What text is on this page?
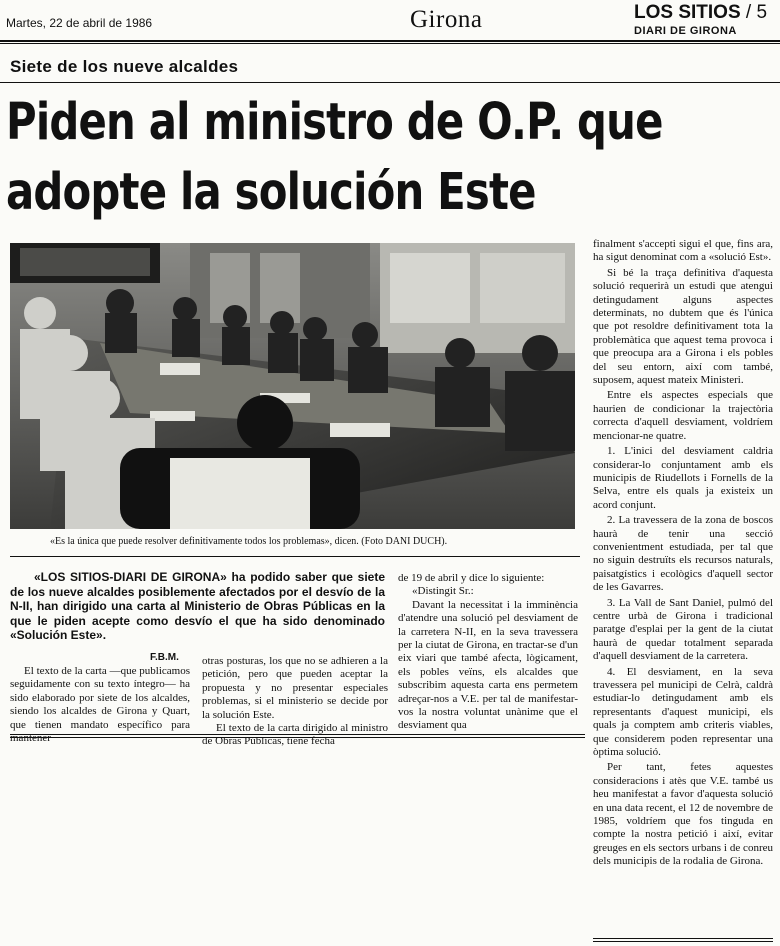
Martes, 22 de abril de 1986	Girona	LOS SITIOS / 5
DIARI DE GIRONA
Siete de los nueve alcaldes
Piden al ministro de O.P. que
adopte la solución Este
«Es la única que puede resolver definitivamente todos los problemas», dicen. (Foto DANI DUCH).

«LOS SITIOS-DIARI DE GIRONA» ha podido saber que siete de los nueve alcaldes posiblemente afectados por el desvío de la N-II, han dirigido una carta al Ministerio de Obras Públicas en la que le piden acepte como desvío el que ha sido denominado «Solución Este».

F.B.M.

El texto de la carta —que publicamos seguidamente con su texto íntegro— ha sido elaborado por siete de los alcaldes, siendo los alcaldes de Girona y Quart, que tienen mandato específico para mantener

otras posturas, los que no se adhieren a la petición, pero que pueden aceptar la propuesta y no presentar especiales problemas, si el ministerio se decide por la solución Este.

El texto de la carta dirigido al ministro de Obras Públicas, tiene fecha

de 19 de abril y dice lo siguiente:

«Distingit Sr.:

Davant la necessitat i la imminència d'atendre una solució pel desviament de la carretera N-II, en la seva travessera per la ciutat de Girona, en tractar-se d'un eix viari que també afecta, lògicament, els pobles veïns, els alcaldes que subscribim aquesta carta ens permetem adreçar-nos a V.E. per tal de manifestar-vos la nostra voluntat unànime que el desviament qua

finalment s'accepti sigui el que, fins ara, ha sigut denominat com a «solució Est».

Si bé la traça definitiva d'aquesta solució requerirà un estudi que atengui detingudament alguns aspectes determinats, no dubtem que és l'única que pot resoldre definitivament tota la problemàtica que aquest tema provoca i que preocupa ara a Girona i els pobles del seu entorn, així com també, suposem, aquest mateix Ministeri.

Entre els aspectes especials que haurien de condicionar la trajectòria correcta d'aquell desviament, voldríem mencionar-ne quatre.

1. L'inici del desviament caldria considerar-lo conjuntament amb els municipis de Riudellots i Fornells de la Selva, entre els quals ja existeix un acord conjunt.

2. La travessera de la zona de boscos haurà de tenir una secció convenientment estudiada, per tal que no siguin destruïts els recursos naturals, paisatgístics i ecològics d'aquell sector de les Gavarres.

3. La Vall de Sant Daniel, pulmó del centre urbà de Girona i tradicional paratge d'esplai per la gent de la ciutat haurà de quedar totalment separada d'aquell desviament de la carretera.

4. El desviament, en la seva travessera pel municipi de Celrà, caldrà estudiar-lo detingudament amb els representants d'aquest municipi, els quals ja comptem amb criteris viables, que considerem poden representar una òptima solució.

Per tant, fetes aquestes consideracions i atès que V.E. també us heu manifestat a favor d'aquesta solució en una data recent, el 12 de novembre de 1985, voldríem que fos tinguda en compte la nostra petició i així, evitar greuges en els sectors urbans i de conreu dels municipis de la rodalia de Girona.
